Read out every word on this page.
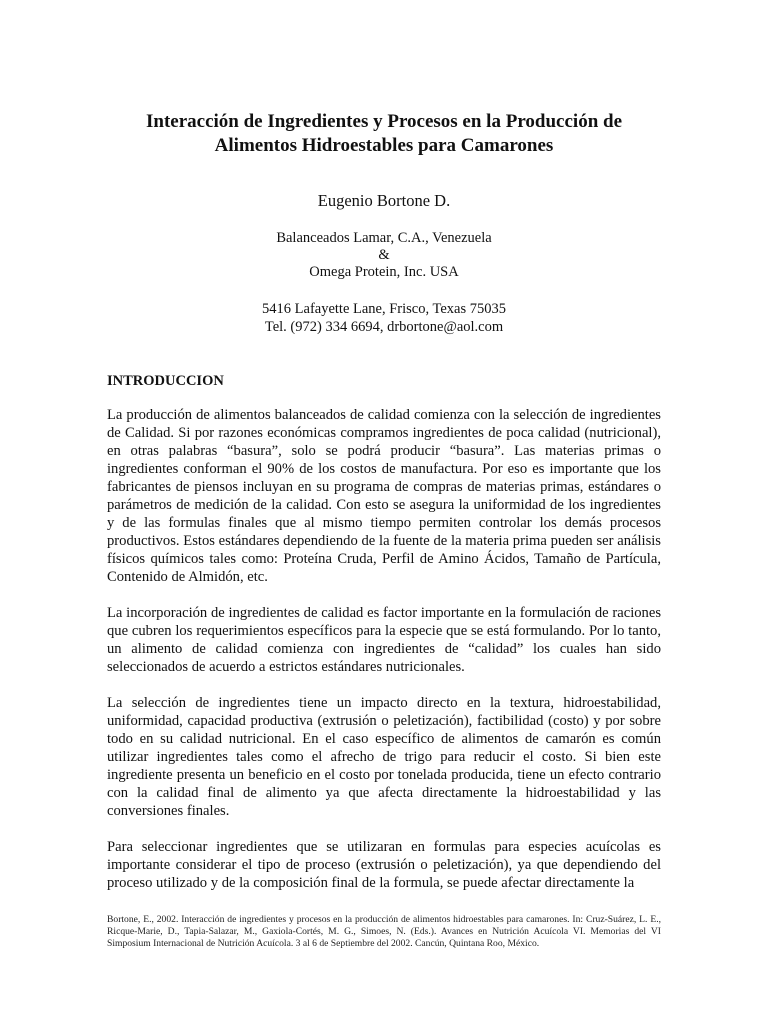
Interacción de Ingredientes y Procesos en la Producción de
Alimentos Hidroestables para Camarones
Eugenio Bortone D.
Balanceados Lamar, C.A., Venezuela
&
Omega Protein, Inc. USA
5416 Lafayette Lane, Frisco, Texas 75035
Tel. (972) 334 6694, drbortone@aol.com
INTRODUCCION

La producción de alimentos balanceados de calidad comienza con la selección de ingredientes de Calidad. Si por razones económicas compramos ingredientes de poca calidad (nutricional), en otras palabras “basura”, solo se podrá producir “basura”. Las materias primas o ingredientes conforman el 90% de los costos de manufactura. Por eso es importante que los fabricantes de piensos incluyan en su programa de compras de materias primas, estándares o parámetros de medición de la calidad. Con esto se asegura la uniformidad de los ingredientes y de las formulas finales que al mismo tiempo permiten controlar los demás procesos productivos. Estos estándares dependiendo de la fuente de la materia prima pueden ser análisis físicos químicos tales como: Proteína Cruda, Perfil de Amino Ácidos, Tamaño de Partícula, Contenido de Almidón, etc.

La incorporación de ingredientes de calidad es factor importante en la formulación de raciones que cubren los requerimientos específicos para la especie que se está formulando. Por lo tanto, un alimento de calidad comienza con ingredientes de “calidad” los cuales han sido seleccionados de acuerdo a estrictos estándares nutricionales.

La selección de ingredientes tiene un impacto directo en la textura, hidroestabilidad, uniformidad, capacidad productiva (extrusión o peletización), factibilidad (costo) y por sobre todo en su calidad nutricional. En el caso específico de alimentos de camarón es común utilizar ingredientes tales como el afrecho de trigo para reducir el costo. Si bien este ingrediente presenta un beneficio en el costo por tonelada producida, tiene un efecto contrario con la calidad final de alimento ya que afecta directamente la hidroestabilidad y las conversiones finales.

Para seleccionar ingredientes que se utilizaran en formulas para especies acuícolas es importante considerar el tipo de proceso (extrusión o peletización), ya que dependiendo del proceso utilizado y de la composición final de la formula, se puede afectar directamente la

Bortone, E., 2002. Interacción de ingredientes y procesos en la producción de alimentos hidroestables para camarones. In: Cruz-Suárez, L. E., Ricque-Marie, D., Tapia-Salazar, M., Gaxiola-Cortés, M. G., Simoes, N. (Eds.). Avances en Nutrición Acuícola VI. Memorias del VI Simposium Internacional de Nutrición Acuícola. 3 al 6 de Septiembre del 2002. Cancún, Quintana Roo, México.
